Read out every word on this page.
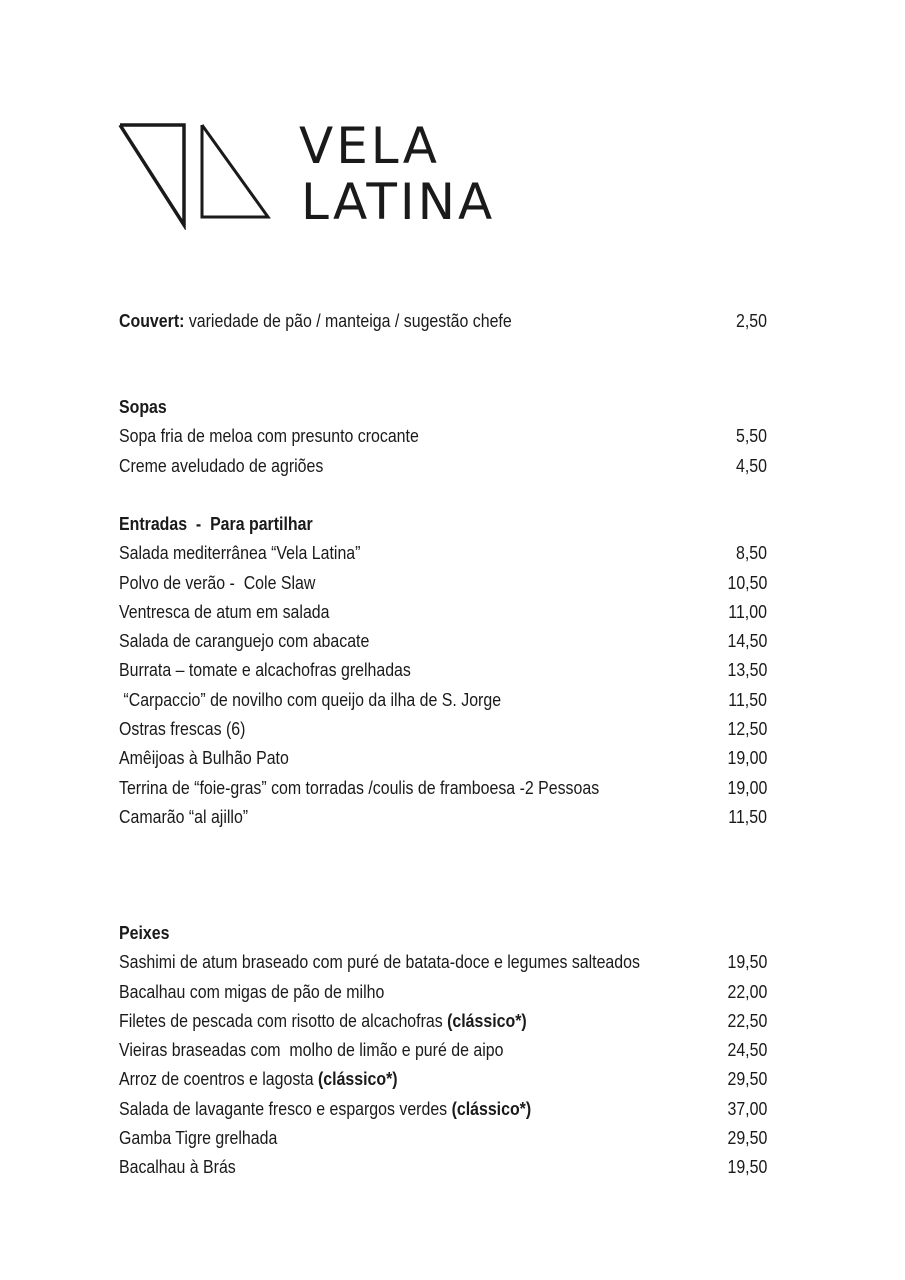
VELA
LATINA
Couvert: variedade de pão / manteiga / sugestão chefe	2,50
Sopas
Sopa fria de meloa com presunto crocante	5,50
Creme aveludado de agriões	4,50
Entradas  -  Para partilhar
Salada mediterrânea “Vela Latina”	8,50
Polvo de verão -  Cole Slaw	10,50
Ventresca de atum em salada	11,00
Salada de caranguejo com abacate	14,50
Burrata – tomate e alcachofras grelhadas	13,50
“Carpaccio” de novilho com queijo da ilha de S. Jorge	11,50
Ostras frescas (6)	12,50
Amêijoas à Bulhão Pato	19,00
Terrina de “foie-gras” com torradas /coulis de framboesa -2 Pessoas	19,00
Camarão “al ajillo”	11,50
Peixes
Sashimi de atum braseado com puré de batata-doce e legumes salteados	19,50
Bacalhau com migas de pão de milho	22,00
Filetes de pescada com risotto de alcachofras (clássico*)	22,50
Vieiras braseadas com  molho de limão e puré de aipo	24,50
Arroz de coentros e lagosta (clássico*)	29,50
Salada de lavagante fresco e espargos verdes (clássico*)	37,00
Gamba Tigre grelhada	29,50
Bacalhau à Brás	19,50
